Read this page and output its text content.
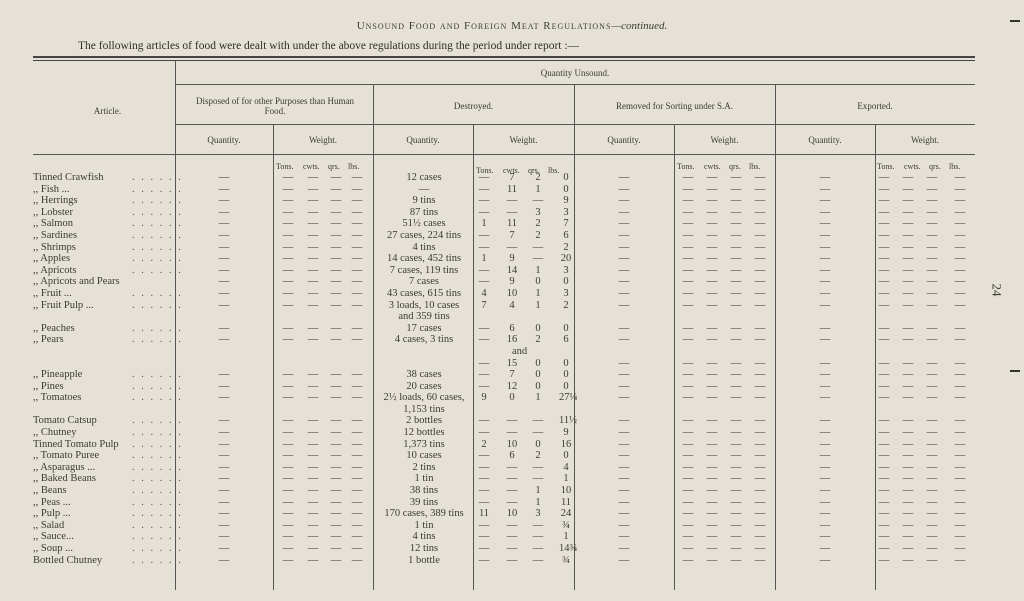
Unsound Food and Foreign Meat Regulations—continued.
The following articles of food were dealt with under the above regulations during the period under report :—
Article.
Quantity Unsound.
Disposed of for other Purposes than Human Food.	Destroyed.	Removed for Sorting under S.A.	Exported.
Quantity.	Weight.	Quantity.	Weight.	Quantity.	Weight.	Quantity.	Weight.
Tons. cwts. qrs. lbs.	Tons. cwts. qrs. lbs.	Tons. cwts. qrs. lbs.	Tons. cwts. qrs. lbs.
Tinned Crawfish	. . . . . .	—	— — — —	12 cases	—	7	2	0	—	— — — —	—	— — — —
,, Fish ...	. . . . . .	—	— — — —	—	— 11	1	0	—	— — — —	—	— — — —
,, Herrings	. . . . . .	—	— — — —	9 tins	— — —	9	—	— — — —	—	— — — —
,, Lobster	. . . . . .	—	— — — —	87 tins	— —	3	3	—	— — — —	—	— — — —
,, Salmon	. . . . . .	—	— — — —	51½ cases	1	11	2	7	—	— — — —	—	— — — —
,, Sardines	. . . . . .	—	— — — —	27 cases, 224 tins	—	7	2	6	—	— — — —	—	— — — —
,, Shrimps	. . . . . .	—	— — — —	4 tins	— — —	2	—	— — — —	—	— — — —
,, Apples	. . . . . .	—	— — — —	14 cases, 452 tins	1	9	— 20	—	— — — —	—	— — — —
,, Apricots	. . . . . .	—	— — — —	7 cases, 119 tins	— 14	1	3	—	— — — —	—	— — — —
,, Apricots and Pears	—	— — — —	7 cases	—	9	0	0	—	— — — —	—	— — — —
,, Fruit ...	. . . . . .	—	— — — —	43 cases, 615 tins	4	10	1	3	—	— — — —	—	— — — —
,, Fruit Pulp ...	. . . . . .	—	— — — —	3 loads, 10 cases	7	4	1	2	—	— — — —	—	— — — —
and 359 tins
,, Peaches	. . . . . .	—	— — — —	17 cases	—	6	0	0	—	— — — —	—	— — — —
,, Pears	. . . . . .	—	— — — —	4 cases, 3 tins	— 16	2	6	—	— — — —	—	— — — —
and
— 15	0	0	—	— — — —	—	— — — —
,, Pineapple	. . . . . .	—	— — — —	38 cases	—	7	0	0	—	— — — —	—	— — — —
,, Pines	. . . . . .	—	— — — —	20 cases	— 12	0	0	—	— — — —	—	— — — —
,, Tomatoes	. . . . . .	—	— — — —	2½ loads, 60 cases,	9	0	1	27¼	—	— — — —	—	— — — —
1,153 tins
Tomato Catsup	. . . . . .	—	— — — —	2 bottles	— — — 11½	—	— — — —	—	— — — —
,, Chutney	. . . . . .	—	— — — —	12 bottles	— — —	9	—	— — — —	—	— — — —
Tinned Tomato Pulp . . . . . .	—	— — — —	1,373 tins	2	10	0	16	—	— — — —	—	— — — —
,, Tomato Puree	. . . . . .	—	— — — —	10 cases	—	6	2	0	—	— — — —	—	— — — —
,, Asparagus ...	. . . . . .	—	— — — —	2 tins	— — —	4	—	— — — —	—	— — — —
,, Baked Beans	. . . . . .	—	— — — —	1 tin	— — —	1	—	— — — —	—	— — — —
,, Beans	. . . . . .	—	— — — —	38 tins	— —	1	10	—	— — — —	—	— — — —
,, Peas ...	. . . . . .	—	— — — —	39 tins	— —	1	11	—	— — — —	—	— — — —
,, Pulp ...	. . . . . .	—	— — — —	170 cases, 389 tins	11 10	3	24	—	— — — —	—	— — — —
,, Salad	. . . . . .	—	— — — —	1 tin	— — — ¾	—	— — — —	—	— — — —
,, Sauce...	. . . . . .	—	— — — —	4 tins	— — —	1	—	— — — —	—	— — — —
,, Soup ...	. . . . . .	—	— — — —	12 tins	— — — 14¾	—	— — — —	—	— — — —
Bottled Chutney	. . . . . .	—	— — — —	1 bottle	— — — ¾	—	— — — —	—	— — — —
24
